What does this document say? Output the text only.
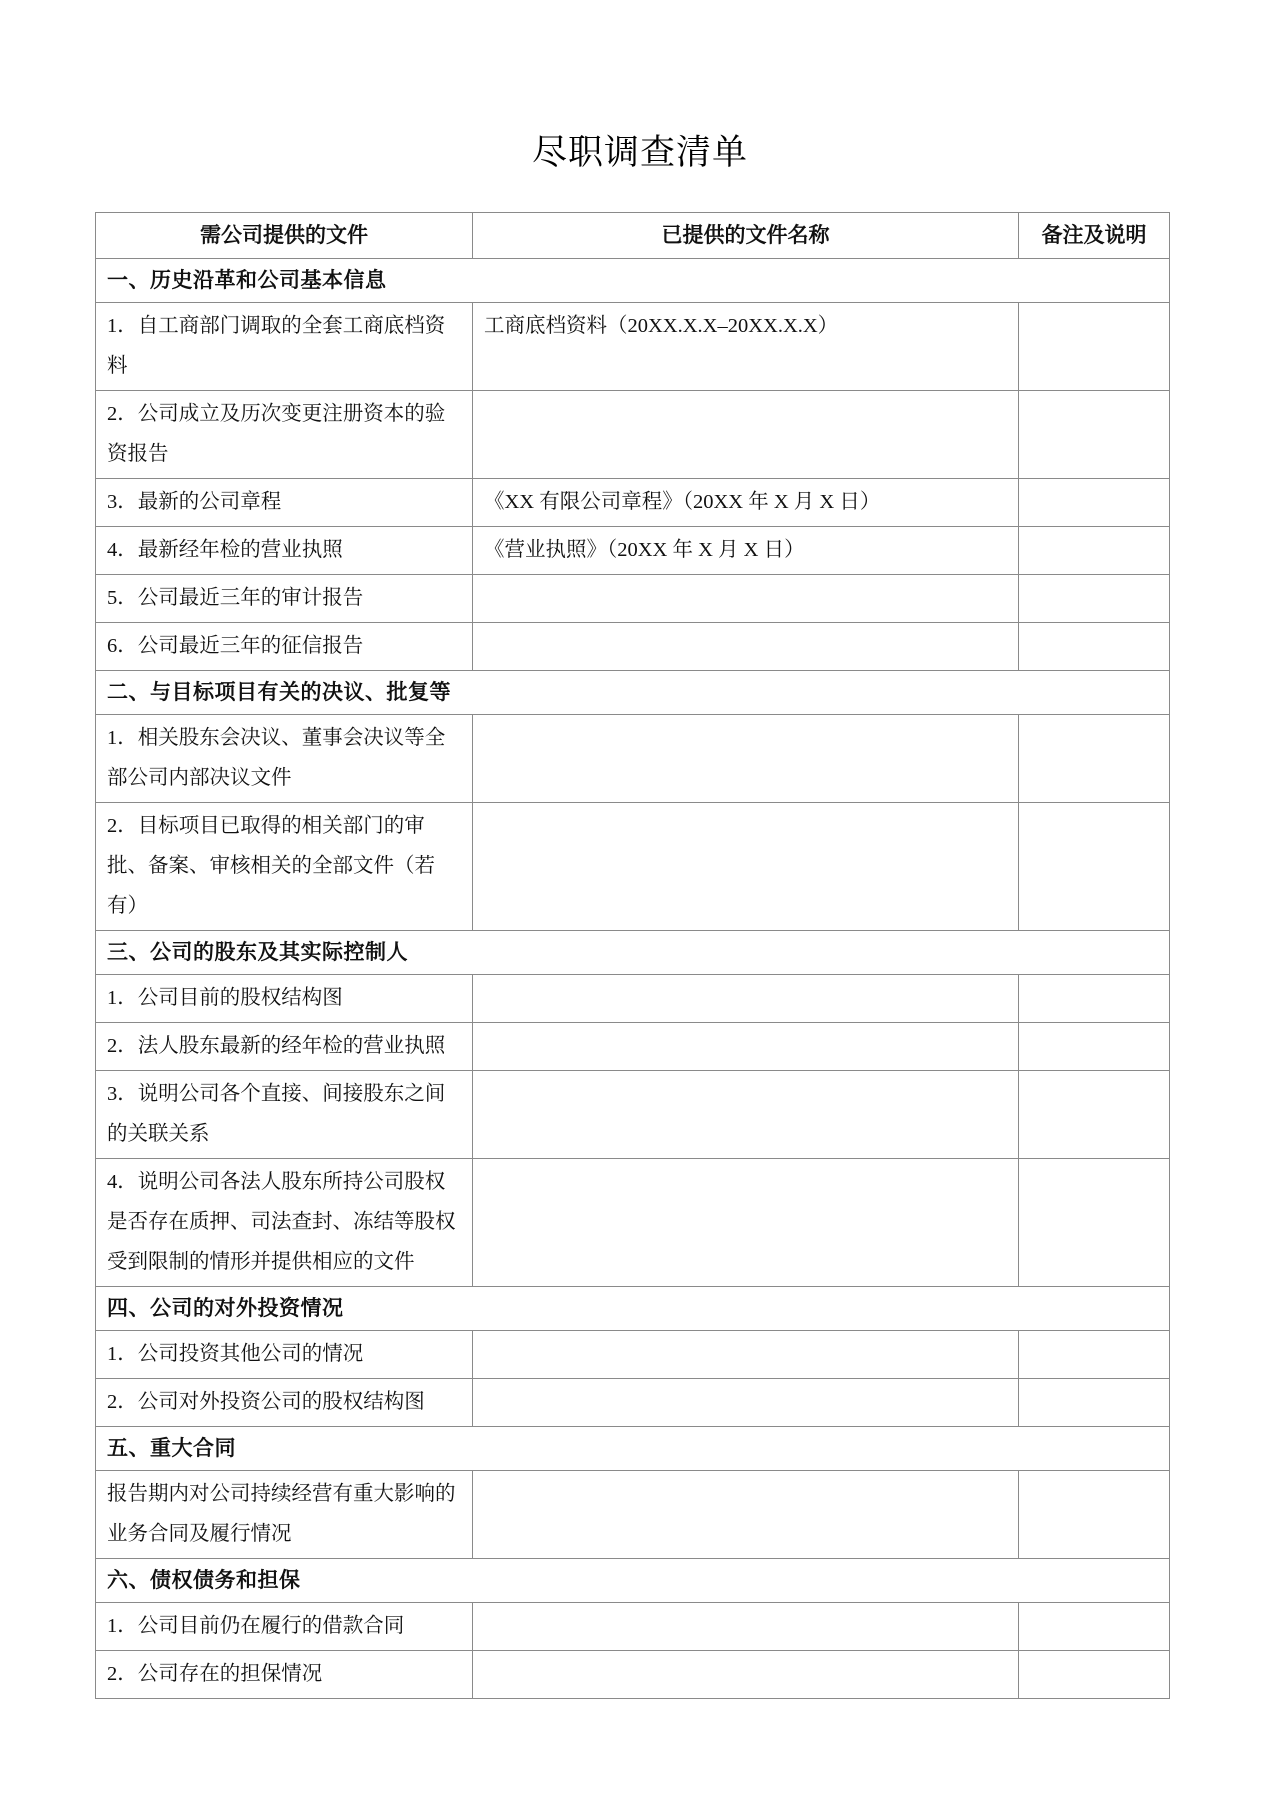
尽职调查清单
需公司提供的文件	已提供的文件名称	备注及说明

一、历史沿革和公司基本信息		

1．自工商部门调取的全套工商底档资料	工商底档资料（20XX.X.X–20XX.X.X）	

2．公司成立及历次变更注册资本的验资报告		

3．最新的公司章程	《XX 有限公司章程》（20XX 年 X 月 X 日）	

4．最新经年检的营业执照	《营业执照》（20XX 年 X 月 X 日）	

5．公司最近三年的审计报告		

6．公司最近三年的征信报告		

二、与目标项目有关的决议、批复等		

1．相关股东会决议、董事会决议等全部公司内部决议文件		

2．目标项目已取得的相关部门的审批、备案、审核相关的全部文件（若有）		

三、公司的股东及其实际控制人		

1．公司目前的股权结构图		

2．法人股东最新的经年检的营业执照		

3．说明公司各个直接、间接股东之间的关联关系		

4．说明公司各法人股东所持公司股权是否存在质押、司法查封、冻结等股权受到限制的情形并提供相应的文件		

四、公司的对外投资情况		

1．公司投资其他公司的情况		

2．公司对外投资公司的股权结构图		

五、重大合同		

报告期内对公司持续经营有重大影响的业务合同及履行情况		

六、债权债务和担保		

1．公司目前仍在履行的借款合同		

2．公司存在的担保情况		
